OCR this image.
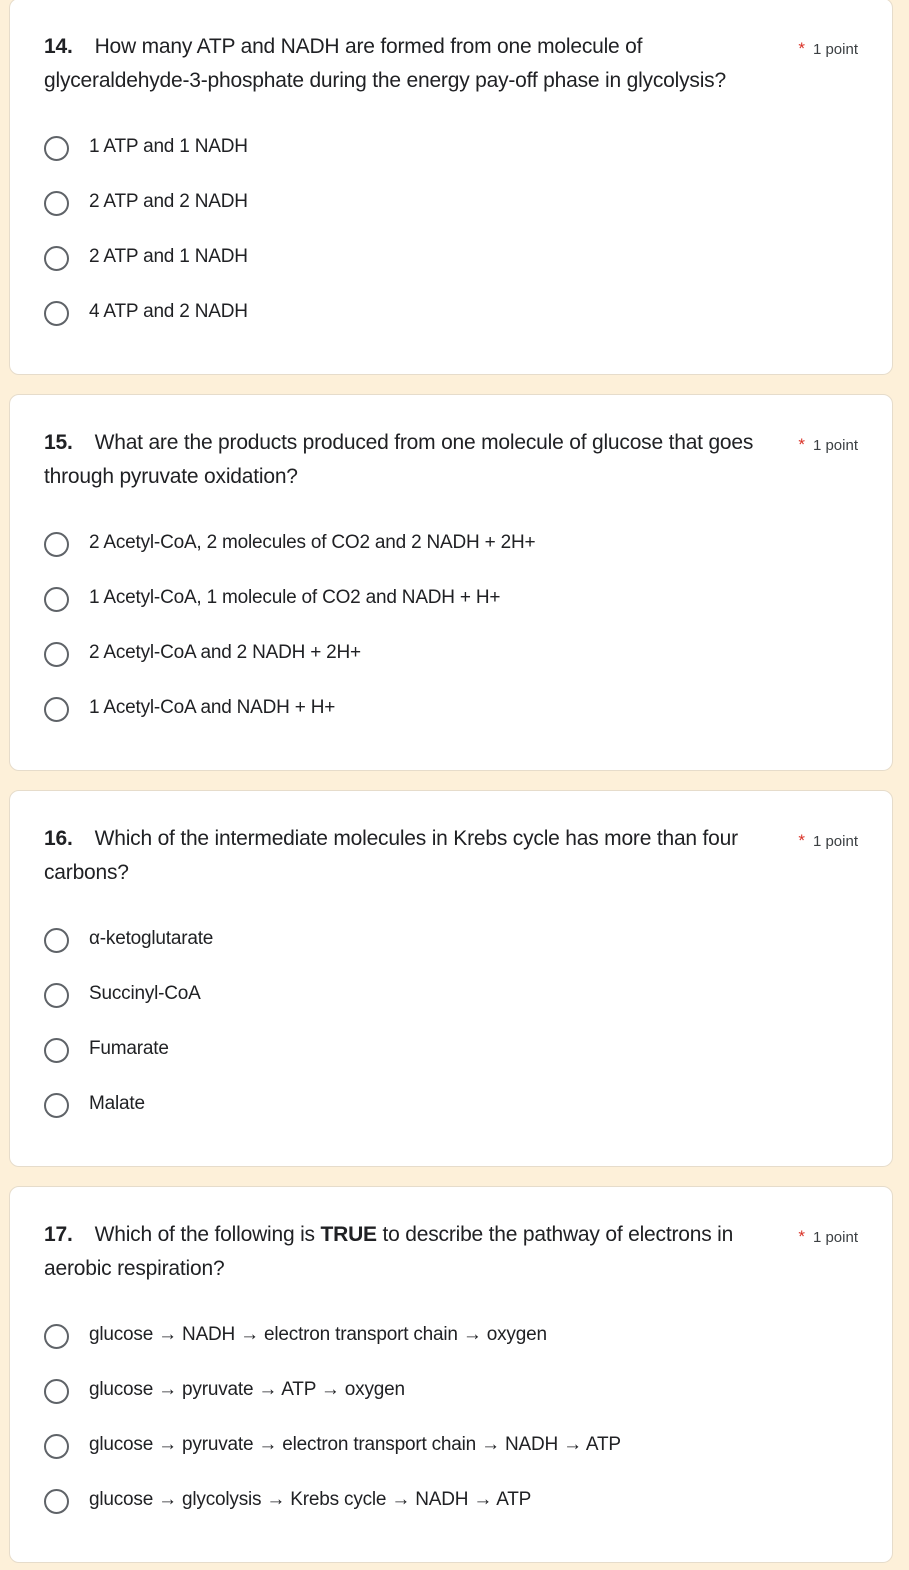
14. How many ATP and NADH are formed from one molecule of glyceraldehyde-3-phosphate during the energy pay-off phase in glycolysis?
* 1 point
1 ATP and 1 NADH
2 ATP and 2 NADH
2 ATP and 1 NADH
4 ATP and 2 NADH
15. What are the products produced from one molecule of glucose that goes through pyruvate oxidation?
* 1 point
2 Acetyl-CoA, 2 molecules of CO2 and 2 NADH + 2H+
1 Acetyl-CoA, 1 molecule of CO2 and NADH + H+
2 Acetyl-CoA and 2 NADH + 2H+
1 Acetyl-CoA and NADH + H+
16. Which of the intermediate molecules in Krebs cycle has more than four carbons?
* 1 point
α-ketoglutarate
Succinyl-CoA
Fumarate
Malate
17. Which of the following is TRUE to describe the pathway of electrons in aerobic respiration?
* 1 point
glucose → NADH → electron transport chain → oxygen
glucose → pyruvate → ATP → oxygen
glucose → pyruvate → electron transport chain → NADH → ATP
glucose → glycolysis → Krebs cycle → NADH → ATP
